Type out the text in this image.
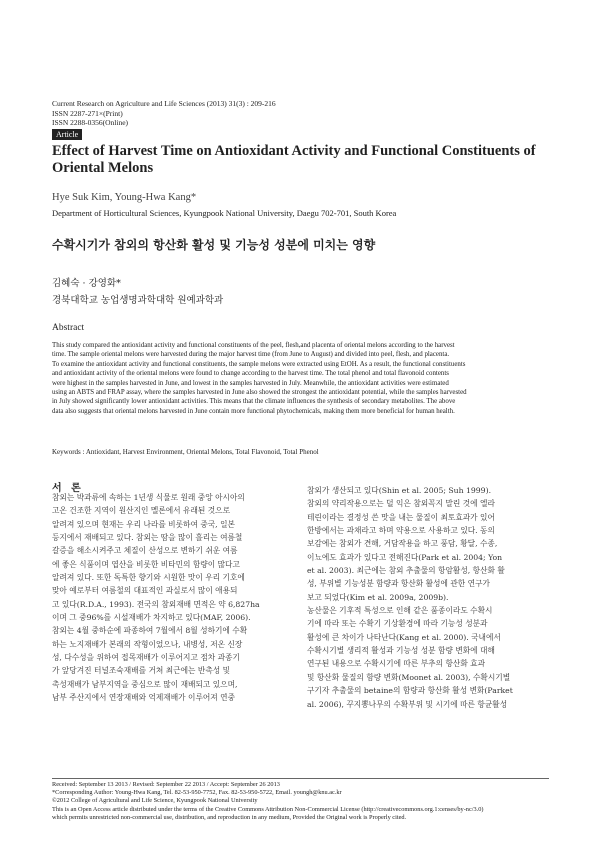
Current Research on Agriculture and Life Sciences (2013) 31(3) : 209-216
ISSN 2287-271×(Print)
ISSN 2288-0356(Online)
Article
Effect of Harvest Time on Antioxidant Activity and Functional Constituents of Oriental Melons
Hye Suk Kim, Young-Hwa Kang*
Department of Horticultural Sciences, Kyungpook National University, Daegu 702-701, South Korea
수확시기가 참외의 항산화 활성 및 기능성 성분에 미치는 영향
김혜숙 · 강영화*
경북대학교 농업생명과학대학 원예과학과
Abstract
This study compared the antioxidant activity and functional constituents of the peel, flesh,and placenta of oriental melons according to the harvest
time. The sample oriental melons were harvested during the major harvest time (from June to August) and divided into peel, flesh, and placenta.
To examine the antioxidant activity and functional constituents, the sample melons were extracted using EtOH. As a result, the functional constituents
and antioxidant activity of the oriental melons were found to change according to the harvest time. The total phenol and total flavonoid contents
were highest in the samples harvested in June, and lowest in the samples harvested in July. Meanwhile, the antioxidant activities were estimated
using an ABTS and FRAP assay, where the samples harvested in June also showed the strongest the antioxidant potential, while the samples harvested
in July showed significantly lower antioxidant activities. This means that the climate influences the synthesis of secondary metabolites. The above
data also suggests that oriental melons harvested in June contain more functional phytochemicals, making them more beneficial for human health.
Keywords : Antioxidant, Harvest Environment, Oriental Melons, Total Flavonoid, Total Phenol
서 론
참외는 박과류에 속하는 1년생 식물로 원래 중앙 아시아의
고온 건조한 지역이 원산지인 멜론에서 유래된 것으로
알려져 있으며 현재는 우리 나라를 비롯하여 중국, 일본
등지에서 재배되고 있다. 참외는 땀을 많이 흘리는 여름철
갈증을 해소시켜주고 체질이 산성으로 변하기 쉬운 여름
에 좋은 식품이며 엽산을 비롯한 비타민의 함량이 많다고
알려져 있다. 또한 독특한 향기와 시원한 맛이 우리 기호에
맞아 예로부터 여름철의 대표적인 과실로서 많이 애용되
고 있다(R.D.A., 1993). 전국의 참외재배 면적은 약 6,827ha
이며 그 중96%를 시설재배가 차지하고 있다(MAF, 2006).
참외는 4월 중하순에 파종하여 7월에서 8월 성하기에 수확
하는 노지재배가 본래의 작형이었으나, 내병성, 저온 신장
성, 다수성을 위하여 접목재배가 이루어지고 점차 과종기
가 앞당겨진 터널조숙재배를 거쳐 최근에는 반촉성 및
촉성재배가 남부지역을 중심으로 많이 재배되고 있으며,
남부 주산지에서 연장재배와 억제재배가 이루어져 연중
참외가 생산되고 있다(Shin et al. 2005; Suh 1999).
참외의 약리작용으로는 덜 익은 참외꼭지 말린 것에 엘라
테린이라는 결정성 쓴 맛을 내는 물질이 최토효과가 있어
한방에서는 과채라고 하며 약용으로 사용하고 있다. 동의
보감에는 참외가 견해, 거담작용을 하고 풍담, 황달, 수종,
이뇨에도 효과가 있다고 전해진다(Park et al. 2004; Yon
et al. 2003). 최근에는 참외 추출물의 항암활성, 항산화 활
성, 부위별 기능성분 함량과 항산화 활성에 관한 연구가
보고 되었다(Kim et al. 2009a, 2009b).
농산물은 기후적 특성으로 인해 같은 품종이라도 수확시
기에 따라 또는 수확기 기상환경에 따라 기능성 성분과
활성에 큰 차이가 나타난다(Kang et al. 2000). 국내에서
수확시기별 생리적 활성과 기능성 성분 함량 변화에 대해
연구된 내용으로 수확시기에 따른 부추의 항산화 효과
및 항산화 물질의 함량 변화(Moonet al. 2003), 수확시기별
구기자 추출물의 betaine의 함량과 항산화 활성 변화(Parket
al. 2006), 꾸지뽕나무의 수확부위 및 시기에 따른 항균활성
Received: September 13 2013 / Revised: September 22 2013 / Accept: September 26 2013
*Corresponding Author: Young-Hwa Kang, Tel. 82-53-950-7752, Fax. 82-53-950-5722, Email. youngh@knu.ac.kr
©2012 College of Agricultural and Life Science, Kyungpook National University
This is an Open Access article distributed under the terms of the Creative Commons Attribution Non-Commercial License (http://creativecommons.org.1:censes/by-nc/3.0)
which permits unrestricted non-commercial use, distribution, and reproduction in any medium, Provided the Original work is Properly cited.
